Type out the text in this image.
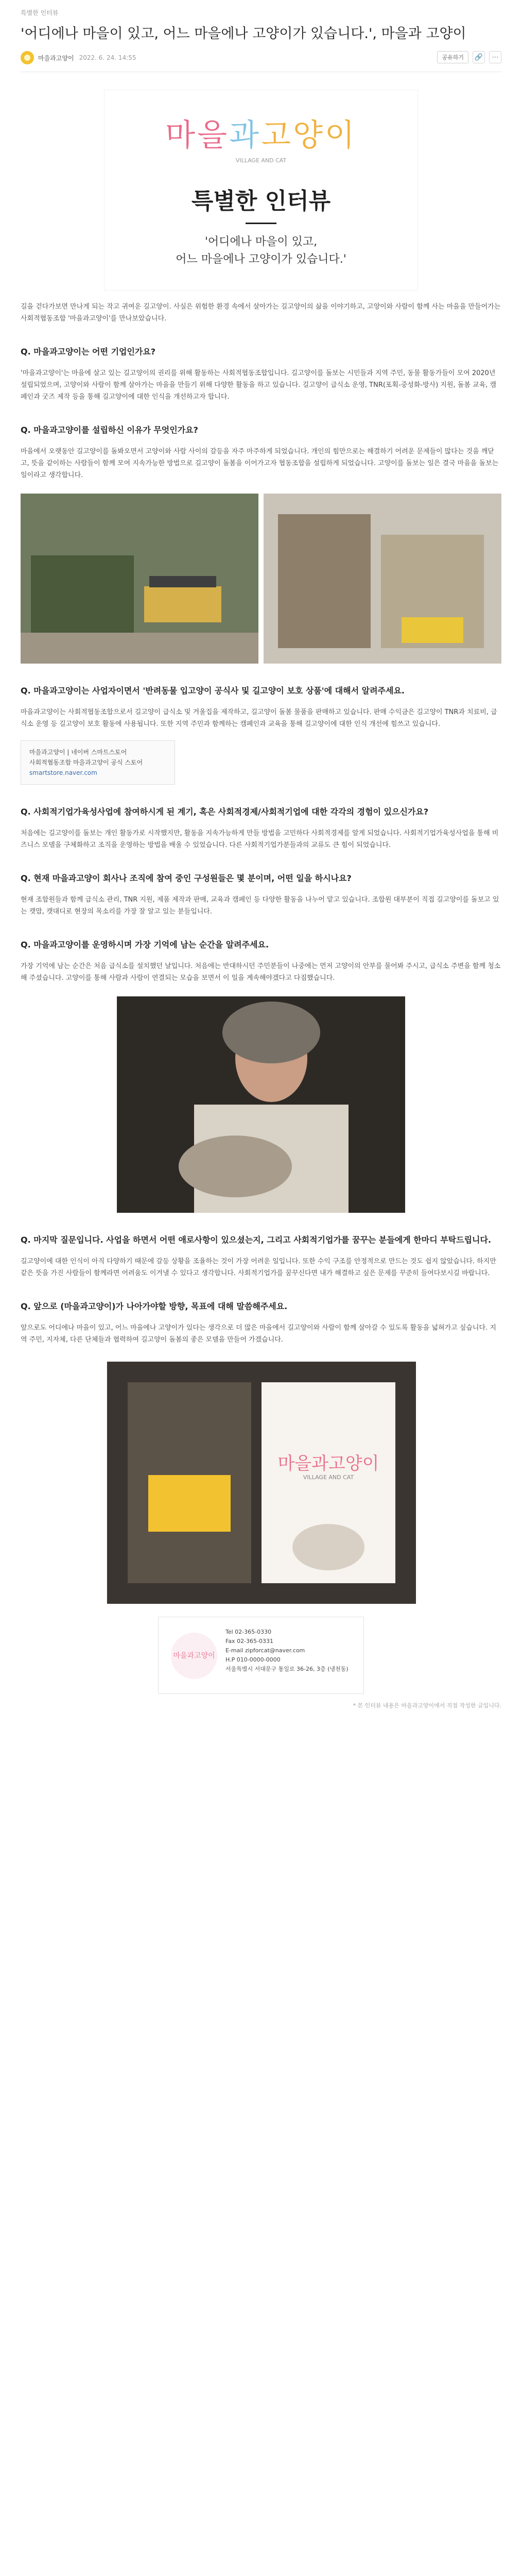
특별한 인터뷰
'어디에나 마을이 있고, 어느 마을에나 고양이가 있습니다.', 마을과 고양이
마을과고양이 2022. 6. 24. 14:55	공유하기	🔗	⋯
마을과고양이
VILLAGE AND CAT
특별한 인터뷰
'어디에나 마을이 있고,
어느 마을에나 고양이가 있습니다.'

길을 걷다가보면 만나게 되는 작고 귀여운 길고양이. 사실은 위험한 환경 속에서 살아가는 길고양이의 삶을 이야기하고, 고양이와 사람이 함께 사는 마을을 만들어가는 사회적협동조합 '마을과고양이'를 만나보았습니다.

Q. 마을과고양이는 어떤 기업인가요?

'마을과고양이'는 마을에 살고 있는 길고양이의 권리를 위해 활동하는 사회적협동조합입니다. 길고양이를 돌보는 시민들과 지역 주민, 동물 활동가들이 모여 2020년 설립되었으며, 고양이와 사람이 함께 살아가는 마을을 만들기 위해 다양한 활동을 하고 있습니다. 길고양이 급식소 운영, TNR(포획-중성화-방사) 지원, 돌봄 교육, 캠페인과 굿즈 제작 등을 통해 길고양이에 대한 인식을 개선하고자 합니다.

Q. 마을과고양이를 설립하신 이유가 무엇인가요?

마을에서 오랫동안 길고양이를 돌봐오면서 고양이와 사람 사이의 갈등을 자주 마주하게 되었습니다. 개인의 힘만으로는 해결하기 어려운 문제들이 많다는 것을 깨닫고, 뜻을 같이하는 사람들이 함께 모여 지속가능한 방법으로 길고양이 돌봄을 이어가고자 협동조합을 설립하게 되었습니다. 고양이를 돌보는 일은 결국 마을을 돌보는 일이라고 생각합니다.

Q. 마을과고양이는 사업자이면서 '반려동물 입고양이 공식사 및 길고양이 보호 상품'에 대해서 알려주세요.

마을과고양이는 사회적협동조합으로서 길고양이 급식소 및 겨울집을 제작하고, 길고양이 돌봄 물품을 판매하고 있습니다. 판매 수익금은 길고양이 TNR과 치료비, 급식소 운영 등 길고양이 보호 활동에 사용됩니다. 또한 지역 주민과 함께하는 캠페인과 교육을 통해 길고양이에 대한 인식 개선에 힘쓰고 있습니다.

마을과고양이 | 네이버 스마트스토어
사회적협동조합 마을과고양이 공식 스토어
smartstore.naver.com
Q. 사회적기업가육성사업에 참여하시게 된 계기, 혹은 사회적경제/사회적기업에 대한 각각의 경험이 있으신가요?

처음에는 길고양이를 돌보는 개인 활동가로 시작했지만, 활동을 지속가능하게 만들 방법을 고민하다 사회적경제를 알게 되었습니다. 사회적기업가육성사업을 통해 비즈니스 모델을 구체화하고 조직을 운영하는 방법을 배울 수 있었습니다. 다른 사회적기업가분들과의 교류도 큰 힘이 되었습니다.

Q. 현재 마을과고양이 회사나 조직에 참여 중인 구성원들은 몇 분이며, 어떤 일을 하시나요?

현재 조합원들과 함께 급식소 관리, TNR 지원, 제품 제작과 판매, 교육과 캠페인 등 다양한 활동을 나누어 맡고 있습니다. 조합원 대부분이 직접 길고양이를 돌보고 있는 캣맘, 캣대디로 현장의 목소리를 가장 잘 알고 있는 분들입니다.

Q. 마을과고양이를 운영하시며 가장 기억에 남는 순간을 알려주세요.

가장 기억에 남는 순간은 처음 급식소를 설치했던 날입니다. 처음에는 반대하시던 주민분들이 나중에는 먼저 고양이의 안부를 물어봐 주시고, 급식소 주변을 함께 청소해 주셨습니다. 고양이를 통해 사람과 사람이 연결되는 모습을 보면서 이 일을 계속해야겠다고 다짐했습니다.

Q. 마지막 질문입니다. 사업을 하면서 어떤 애로사항이 있으셨는지, 그리고 사회적기업가를 꿈꾸는 분들에게 한마디 부탁드립니다.

길고양이에 대한 인식이 아직 다양하기 때문에 갈등 상황을 조율하는 것이 가장 어려운 일입니다. 또한 수익 구조를 안정적으로 만드는 것도 쉽지 않았습니다. 하지만 같은 뜻을 가진 사람들이 함께라면 어려움도 이겨낼 수 있다고 생각합니다. 사회적기업가를 꿈꾸신다면 내가 해결하고 싶은 문제를 꾸준히 들여다보시길 바랍니다.

Q. 앞으로 (마을과고양이)가 나아가야할 방향, 목표에 대해 말씀해주세요.

앞으로도 어디에나 마을이 있고, 어느 마을에나 고양이가 있다는 생각으로 더 많은 마을에서 길고양이와 사람이 함께 살아갈 수 있도록 활동을 넓혀가고 싶습니다. 지역 주민, 지자체, 다른 단체들과 협력하여 길고양이 돌봄의 좋은 모델을 만들어 가겠습니다.

마을과고양이
VILLAGE AND CAT
마을과고양이
Tel 02-365-0330
Fax 02-365-0331
E-mail zipforcat@naver.com
H.P 010-0000-0000
서울특별시 서대문구 통일로 36-26, 3층 (냉천동)
* 본 인터뷰 내용은 마을과고양이에서 직접 작성한 글입니다.
